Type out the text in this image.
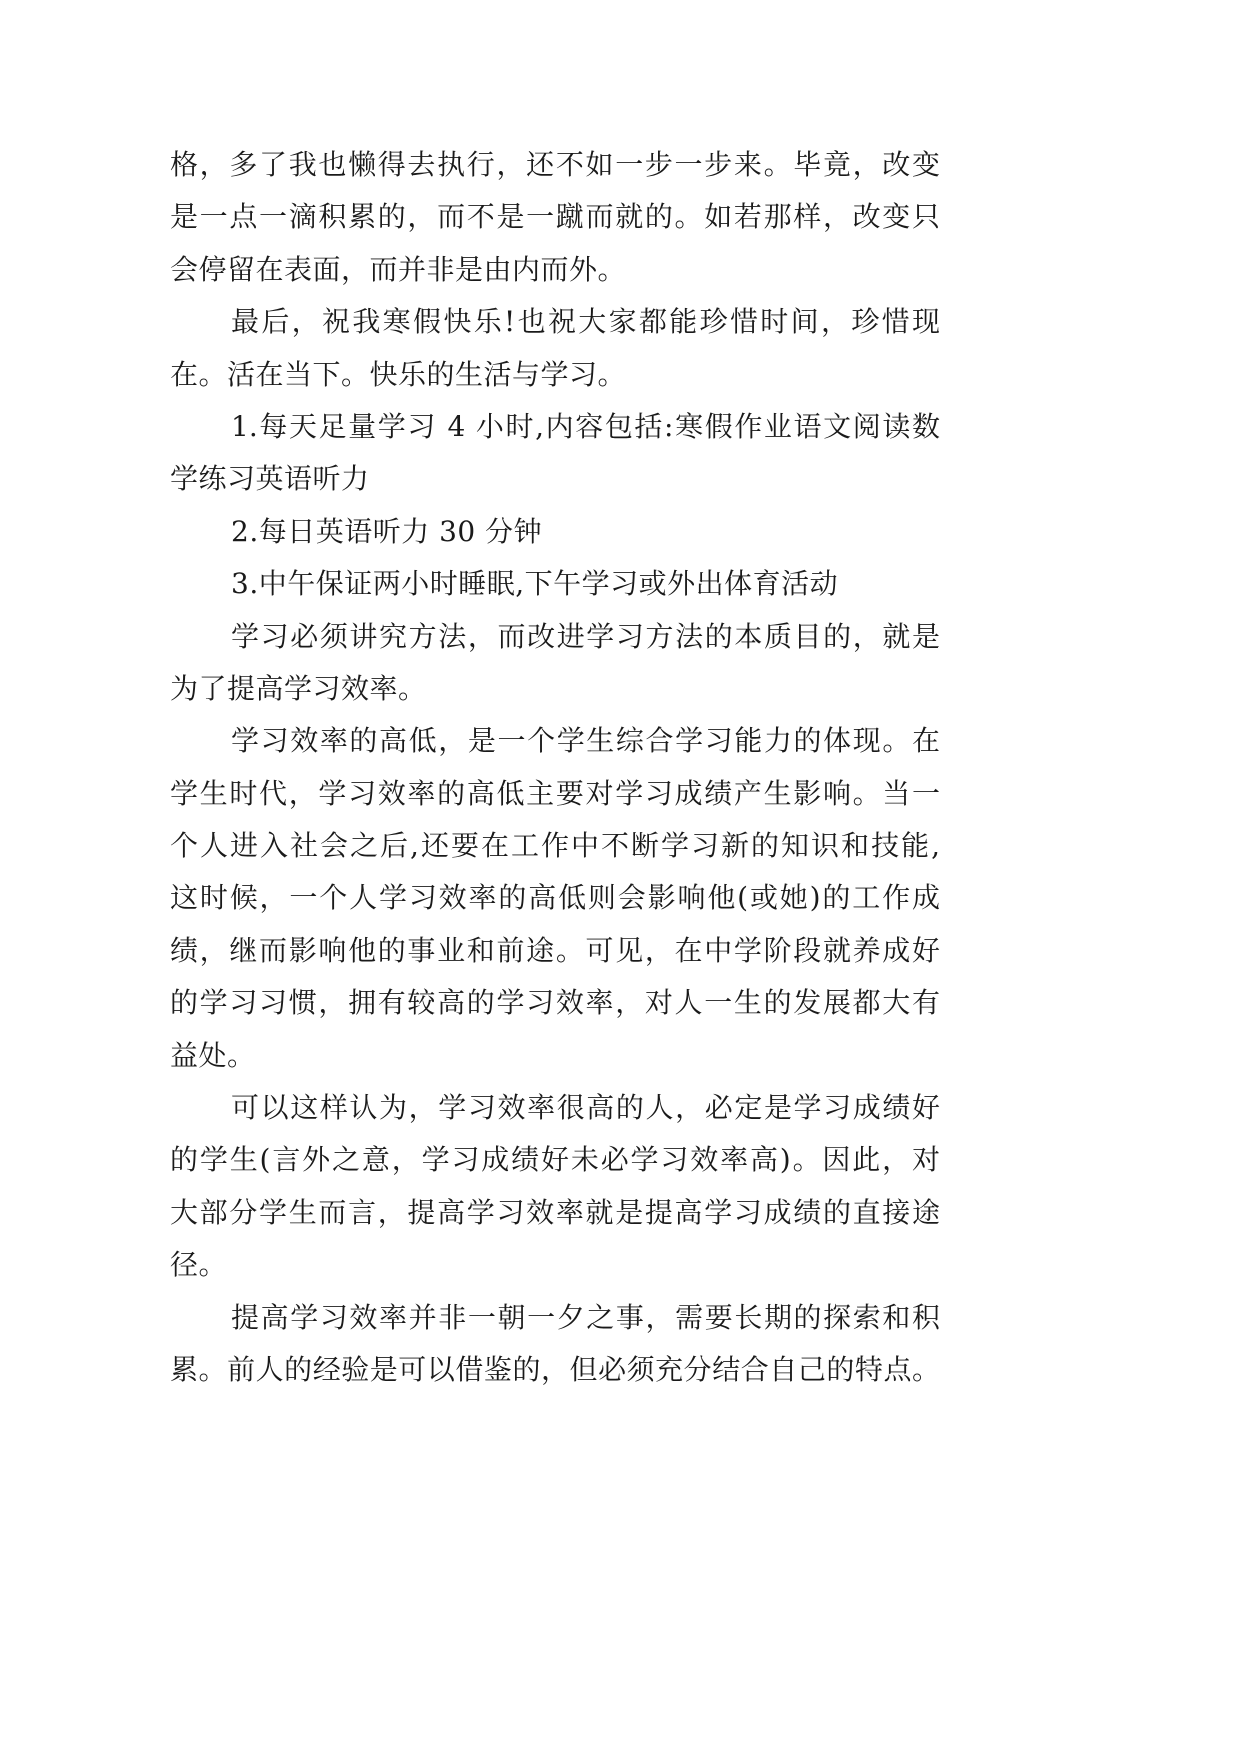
格，多了我也懒得去执行，还不如一步一步来。毕竟，改变
是一点一滴积累的，而不是一蹴而就的。如若那样，改变只
会停留在表面，而并非是由内而外。
最后，祝我寒假快乐!也祝大家都能珍惜时间，珍惜现
在。活在当下。快乐的生活与学习。
1.每天足量学习 4 小时,内容包括:寒假作业语文阅读数
学练习英语听力
2.每日英语听力 30 分钟
3.中午保证两小时睡眠,下午学习或外出体育活动
学习必须讲究方法，而改进学习方法的本质目的，就是
为了提高学习效率。
学习效率的高低，是一个学生综合学习能力的体现。在
学生时代，学习效率的高低主要对学习成绩产生影响。当一
个人进入社会之后,还要在工作中不断学习新的知识和技能,
这时候，一个人学习效率的高低则会影响他(或她)的工作成
绩，继而影响他的事业和前途。可见，在中学阶段就养成好
的学习习惯，拥有较高的学习效率，对人一生的发展都大有
益处。
可以这样认为，学习效率很高的人，必定是学习成绩好
的学生(言外之意，学习成绩好未必学习效率高)。因此，对
大部分学生而言，提高学习效率就是提高学习成绩的直接途
径。
提高学习效率并非一朝一夕之事，需要长期的探索和积
累。前人的经验是可以借鉴的，但必须充分结合自己的特点。
